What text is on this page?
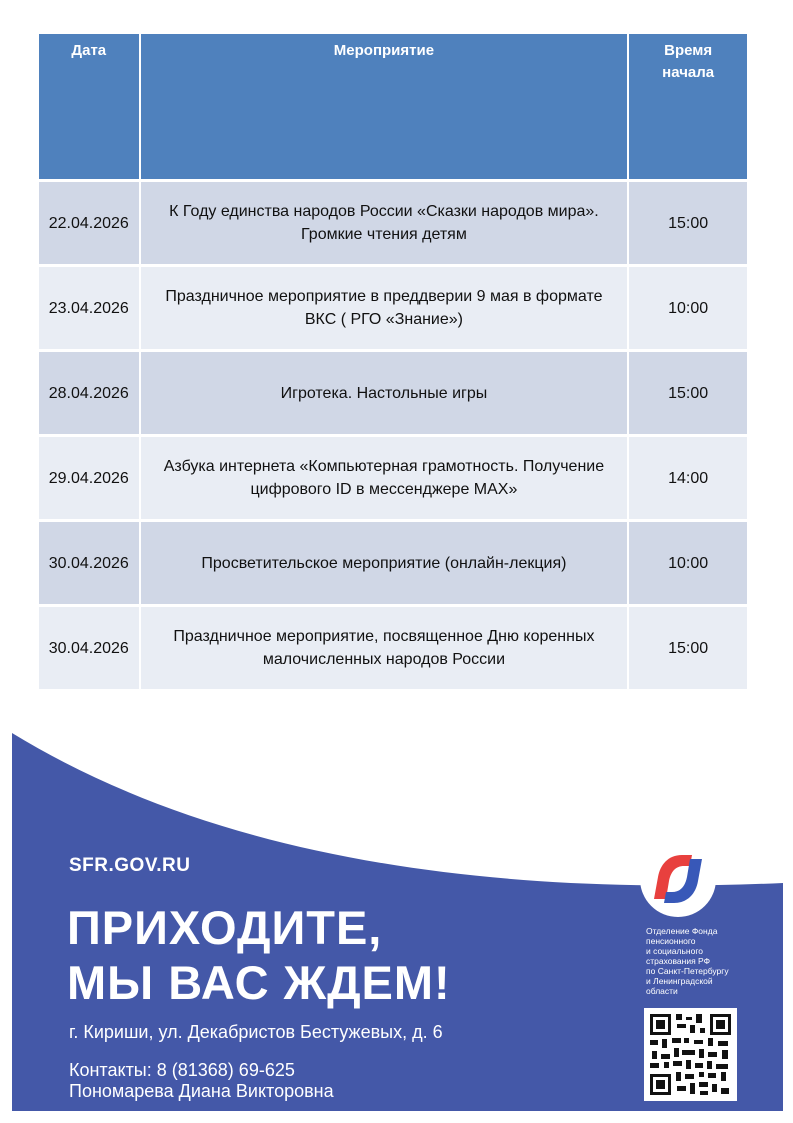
Дата	Мероприятие	Время
начала
22.04.2026	К Году единства народов России «Сказки народов мира».
Громкие чтения детям	15:00
23.04.2026	Праздничное мероприятие в преддверии 9 мая в формате
ВКС ( РГО «Знание»)	10:00
28.04.2026	Игротека. Настольные игры	15:00
29.04.2026	Азбука интернета «Компьютерная грамотность. Получение
цифрового ID в мессенджере MAX»	14:00
30.04.2026	Просветительское мероприятие (онлайн-лекция)	10:00
30.04.2026	Праздничное мероприятие, посвященное Дню коренных
малочисленных народов России	15:00
SFR.GOV.RU
ПРИХОДИТЕ,
МЫ ВАС ЖДЕМ!
г. Кириши, ул. Декабристов Бестужевых, д. 6
Контакты: 8 (81368) 69-625
Пономарева Диана Викторовна
Отделение Фонда
пенсионного
и социального
страхования РФ
по Санкт-Петербургу
и Ленинградской
области
